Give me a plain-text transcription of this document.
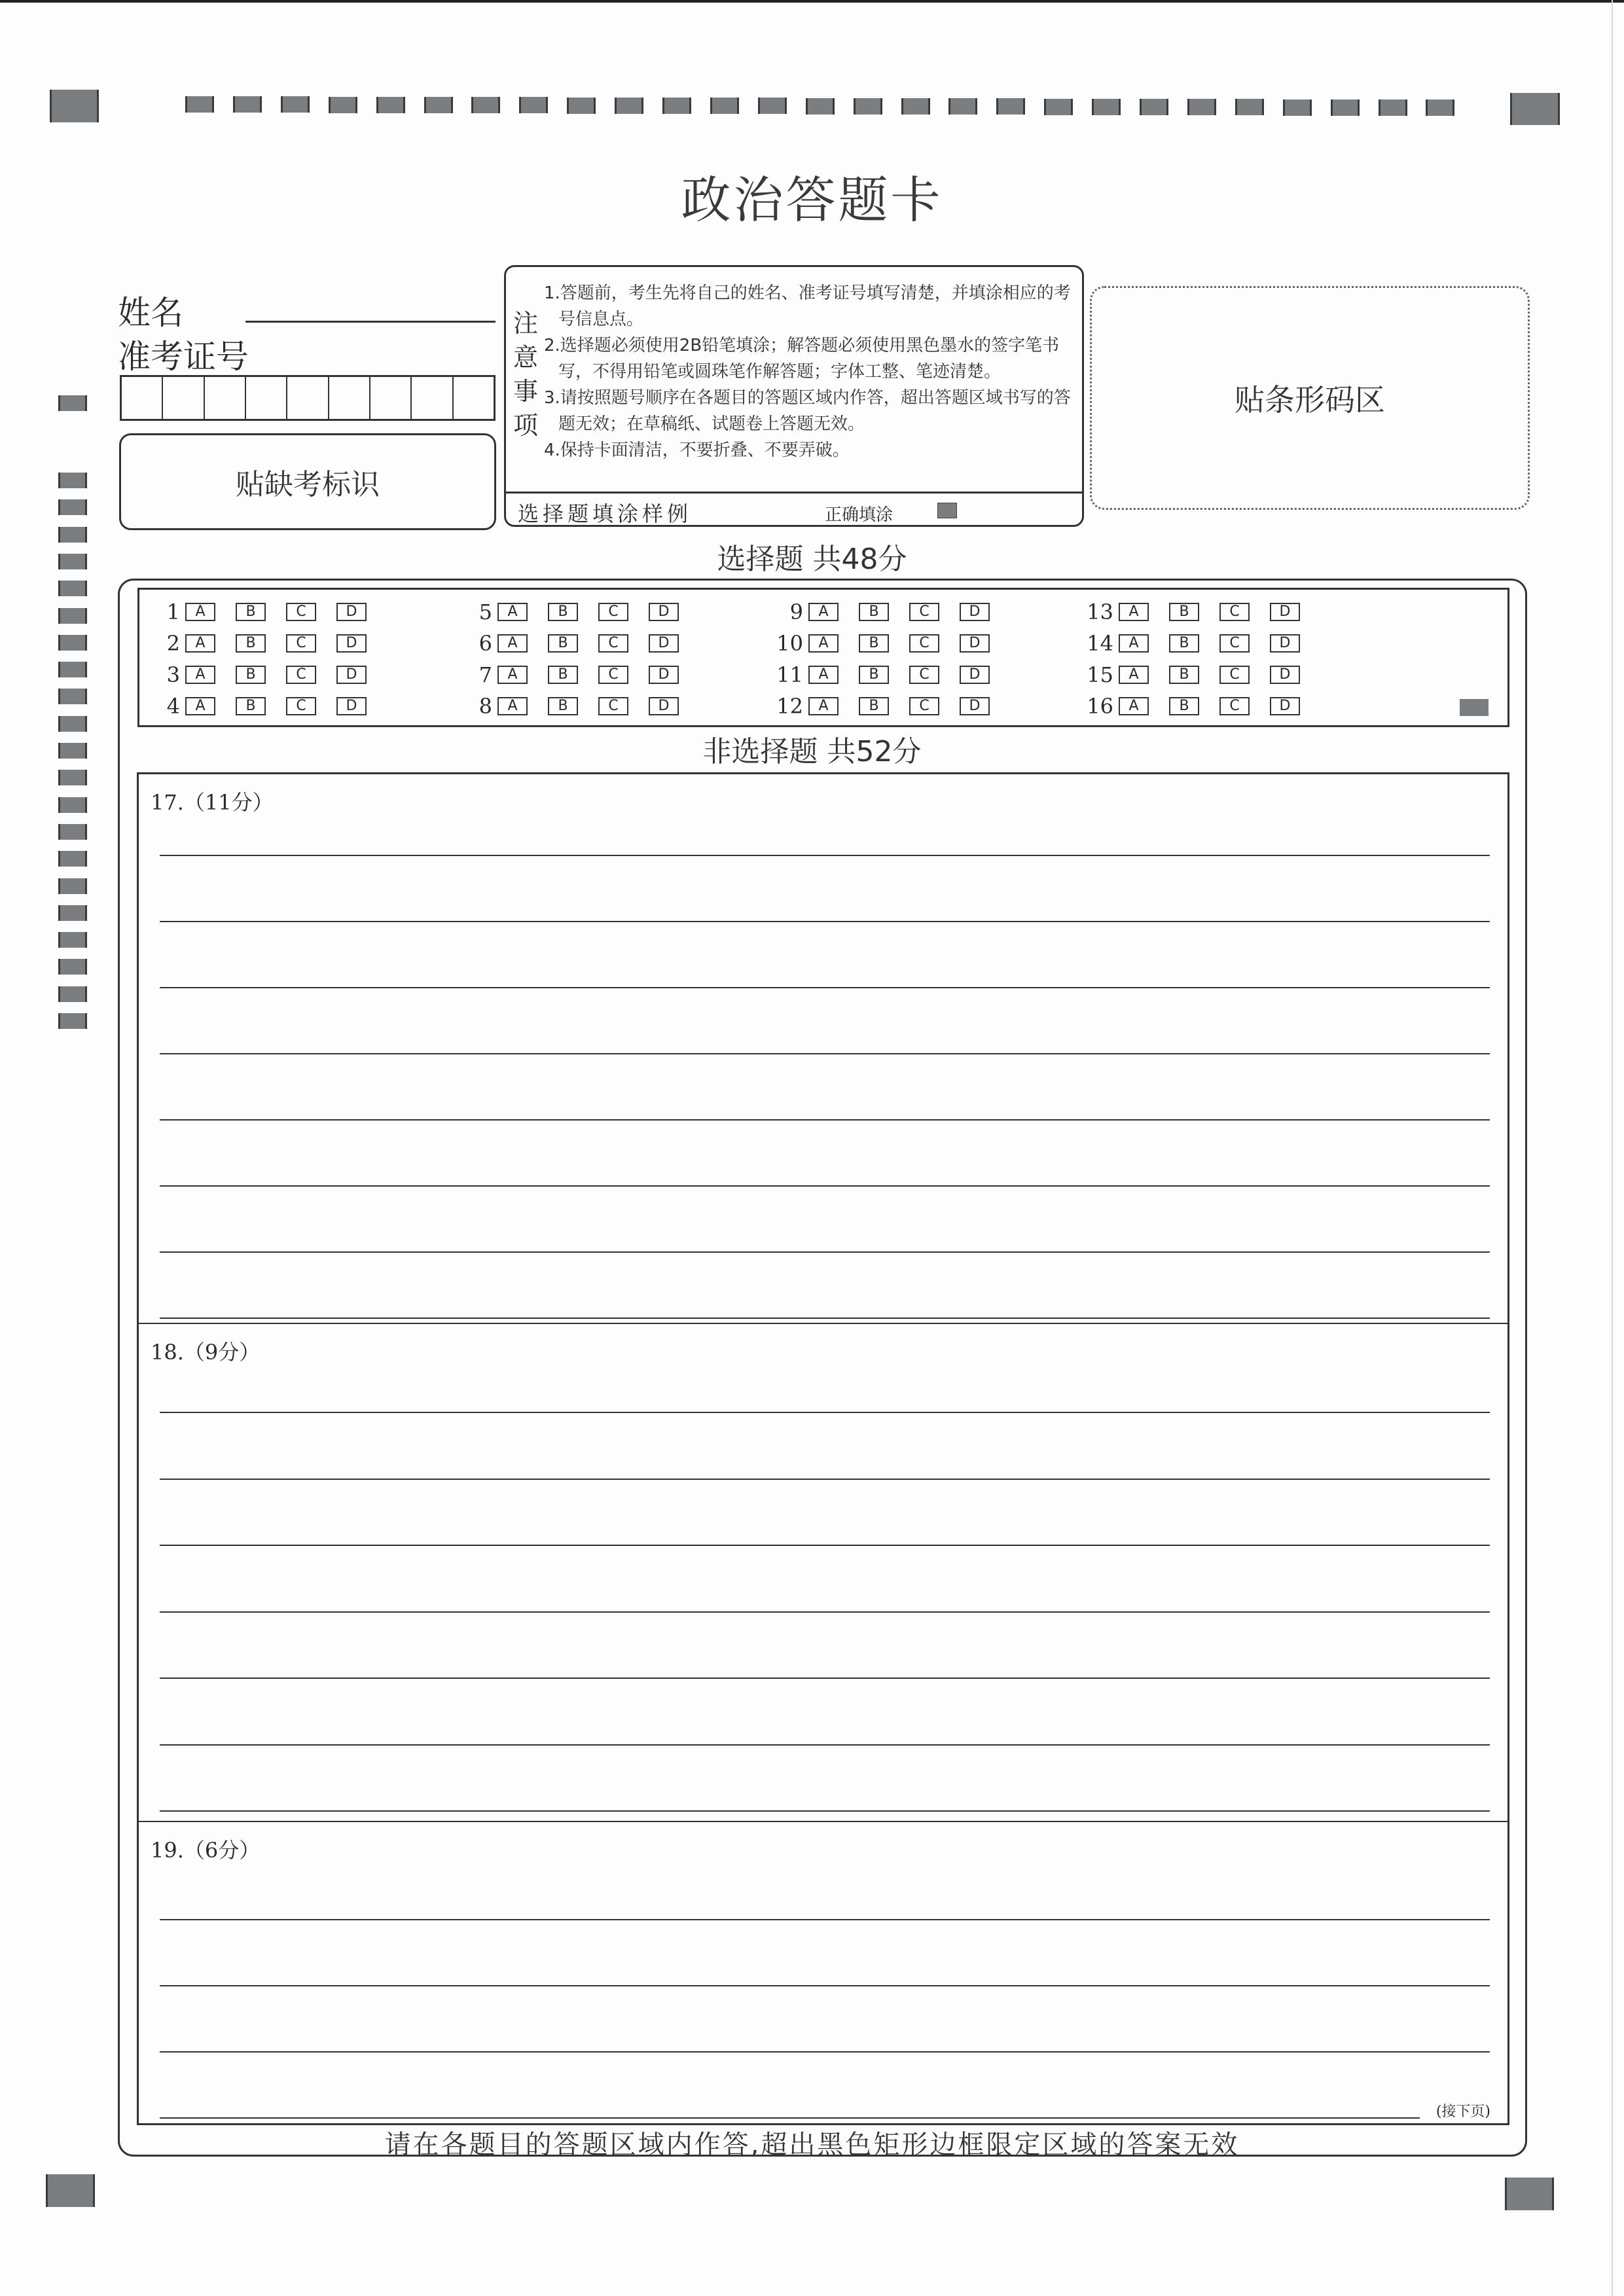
政治答题卡
姓名
准考证号
贴缺考标识
注
意
事
项
1.答题前，考生先将自己的姓名、准考证号填写清楚，并填涂相应的考号信息点。
2.选择题必须使用2B铅笔填涂；解答题必须使用黑色墨水的签字笔书写，不得用铅笔或圆珠笔作解答题；字体工整、笔迹清楚。
3.请按照题号顺序在各题目的答题区域内作答，超出答题区域书写的答题无效；在草稿纸、试题卷上答题无效。
4.保持卡面清洁，不要折叠、不要弄破。
选择题填涂样例	正确填涂
贴条形码区
选择题 共48分
1	A	B	C	D
2	A	B	C	D
3	A	B	C	D
4	A	B	C	D
5	A	B	C	D
6	A	B	C	D
7	A	B	C	D
8	A	B	C	D
9	A	B	C	D
10	A	B	C	D
11	A	B	C	D
12	A	B	C	D
13	A	B	C	D
14	A	B	C	D
15	A	B	C	D
16	A	B	C	D
非选择题 共52分
17.（11分）
18.（9分）
19.（6分）
(接下页)
请在各题目的答题区域内作答,超出黑色矩形边框限定区域的答案无效
